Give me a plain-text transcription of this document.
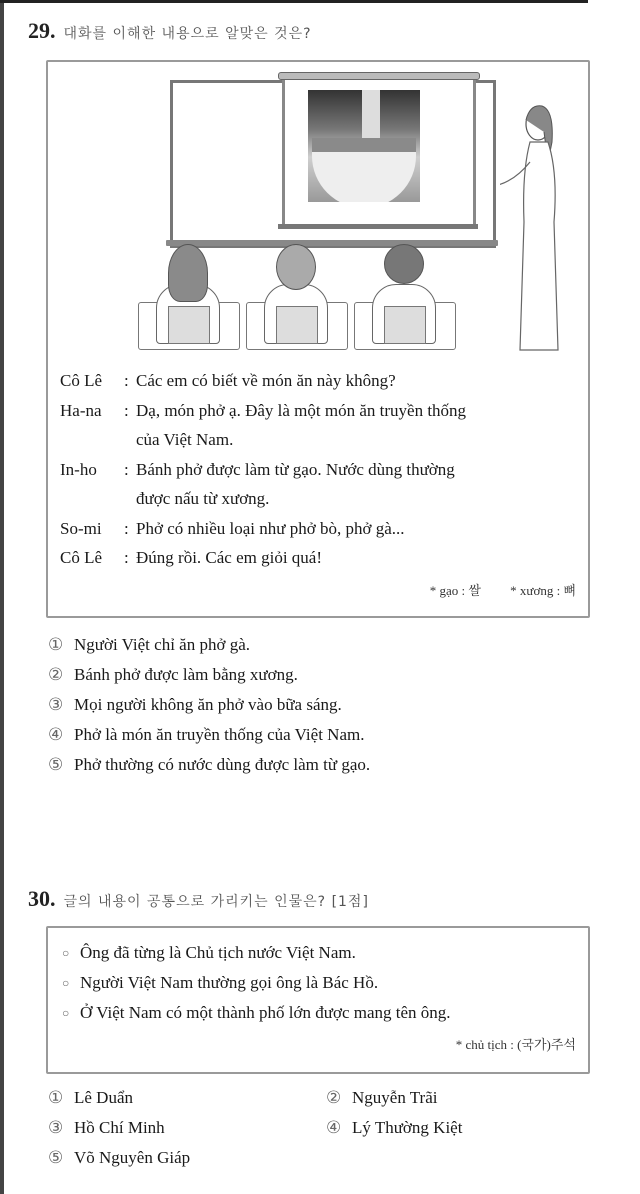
29. 대화를 이해한 내용으로 알맞은 것은?
Cô Lê	: Các em có biết về món ăn này không?
Ha-na	: Dạ, món phở ạ. Đây là một món ăn truyền thống
của Việt Nam.
In-ho	: Bánh phở được làm từ gạo. Nước dùng thường
được nấu từ xương.
So-mi	: Phở có nhiều loại như phở bò, phở gà...
Cô Lê	: Đúng rồi. Các em giỏi quá!
* gạo : 쌀 * xương : 뼈
① Người Việt chỉ ăn phở gà.
② Bánh phở được làm bằng xương.
③ Mọi người không ăn phở vào bữa sáng.
④ Phở là món ăn truyền thống của Việt Nam.
⑤ Phở thường có nước dùng được làm từ gạo.
30. 글의 내용이 공통으로 가리키는 인물은? [1점]
○ Ông đã từng là Chủ tịch nước Việt Nam.
○ Người Việt Nam thường gọi ông là Bác Hồ.
○ Ở Việt Nam có một thành phố lớn được mang tên ông.
* chủ tịch : (국가)주석
① Lê Duẩn	② Nguyễn Trãi
③ Hồ Chí Minh	④ Lý Thường Kiệt
⑤ Võ Nguyên Giáp
